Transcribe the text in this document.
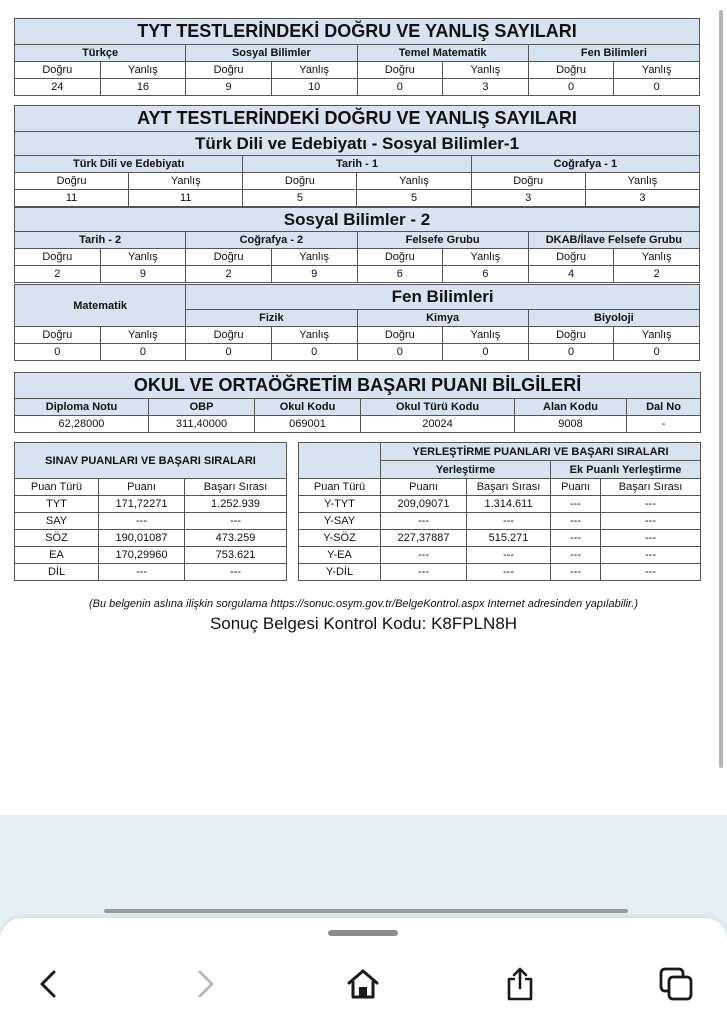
TYT TESTLERİNDEKİ DOĞRU VE YANLIŞ SAYILARI							
Türkçe		Sosyal Bilimler		Temel Matematik		Fen Bilimleri	
Doğru	Yanlış	Doğru	Yanlış	Doğru	Yanlış	Doğru	Yanlış
24	16	9	10	0	3	0	0
AYT TESTLERİNDEKİ DOĞRU VE YANLIŞ SAYILARI
Türk Dili ve Edebiyatı - Sosyal Bilimler-1
Türk Dili ve Edebiyatı		Tarih - 1		Coğrafya - 1	
Doğru	Yanlış	Doğru	Yanlış	Doğru	Yanlış
11	11	5	5	3	3
Sosyal Bilimler - 2							
Tarih - 2		Coğrafya - 2		Felsefe Grubu		DKAB/İlave Felsefe Grubu	
Doğru	Yanlış	Doğru	Yanlış	Doğru	Yanlış	Doğru	Yanlış
2	9	2	9	6	6	4	2
Matematik		Fen Bilimleri					
		Fizik		Kimya		Biyoloji	
Doğru	Yanlış	Doğru	Yanlış	Doğru	Yanlış	Doğru	Yanlış
0	0	0	0	0	0	0	0
OKUL VE ORTAÖĞRETİM BAŞARI PUANI BİLGİLERİ					
Diploma Notu	OBP	Okul Kodu	Okul Türü Kodu	Alan Kodu	Dal No
62,28000	311,40000	069001	20024	9008	-
SINAV PUANLARI VE BAŞARI SIRALARI					YERLEŞTİRME PUANLARI VE BAŞARI SIRALARI			
					Yerleştirme		Ek Puanlı Yerleştirme	
Puan Türü	Puanı	Başarı Sırası		Puan Türü	Puanı	Başarı Sırası	Puanı	Başarı Sırası
TYT	171,72271	1.252.939		Y-TYT	209,09071	1.314.611	---	---
SAY	---	---		Y-SAY	---	---	---	---
SÖZ	190,01087	473.259		Y-SÖZ	227,37887	515.271	---	---
EA	170,29960	753.621		Y-EA	---	---	---	---
DİL	---	---		Y-DİL	---	---	---	---
(Bu belgenin aslına ilişkin sorgulama https://sonuc.osym.gov.tr/BelgeKontrol.aspx Internet adresinden yapılabilir.)
Sonuç Belgesi Kontrol Kodu: K8FPLN8H
